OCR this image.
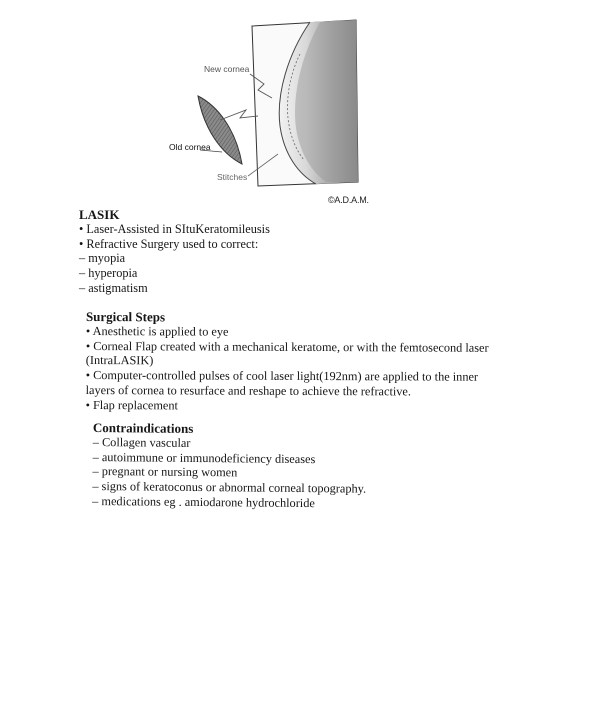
New cornea
Old cornea
Stitches
©A.D.A.M.
LASIK
• Laser-Assisted in SItuKeratomileusis
• Refractive Surgery used to correct:
– myopia
– hyperopia
– astigmatism
Surgical Steps
• Anesthetic is applied to eye
• Corneal Flap created with a mechanical keratome, or with the femtosecond laser
(IntraLASIK)
• Computer-controlled pulses of cool laser light(192nm) are applied to the inner
layers of cornea to resurface and reshape to achieve the refractive.
• Flap replacement
Contraindications
– Collagen vascular
– autoimmune or immunodeficiency diseases
– pregnant or nursing women
– signs of keratoconus or abnormal corneal topography.
– medications eg . amiodarone hydrochloride
